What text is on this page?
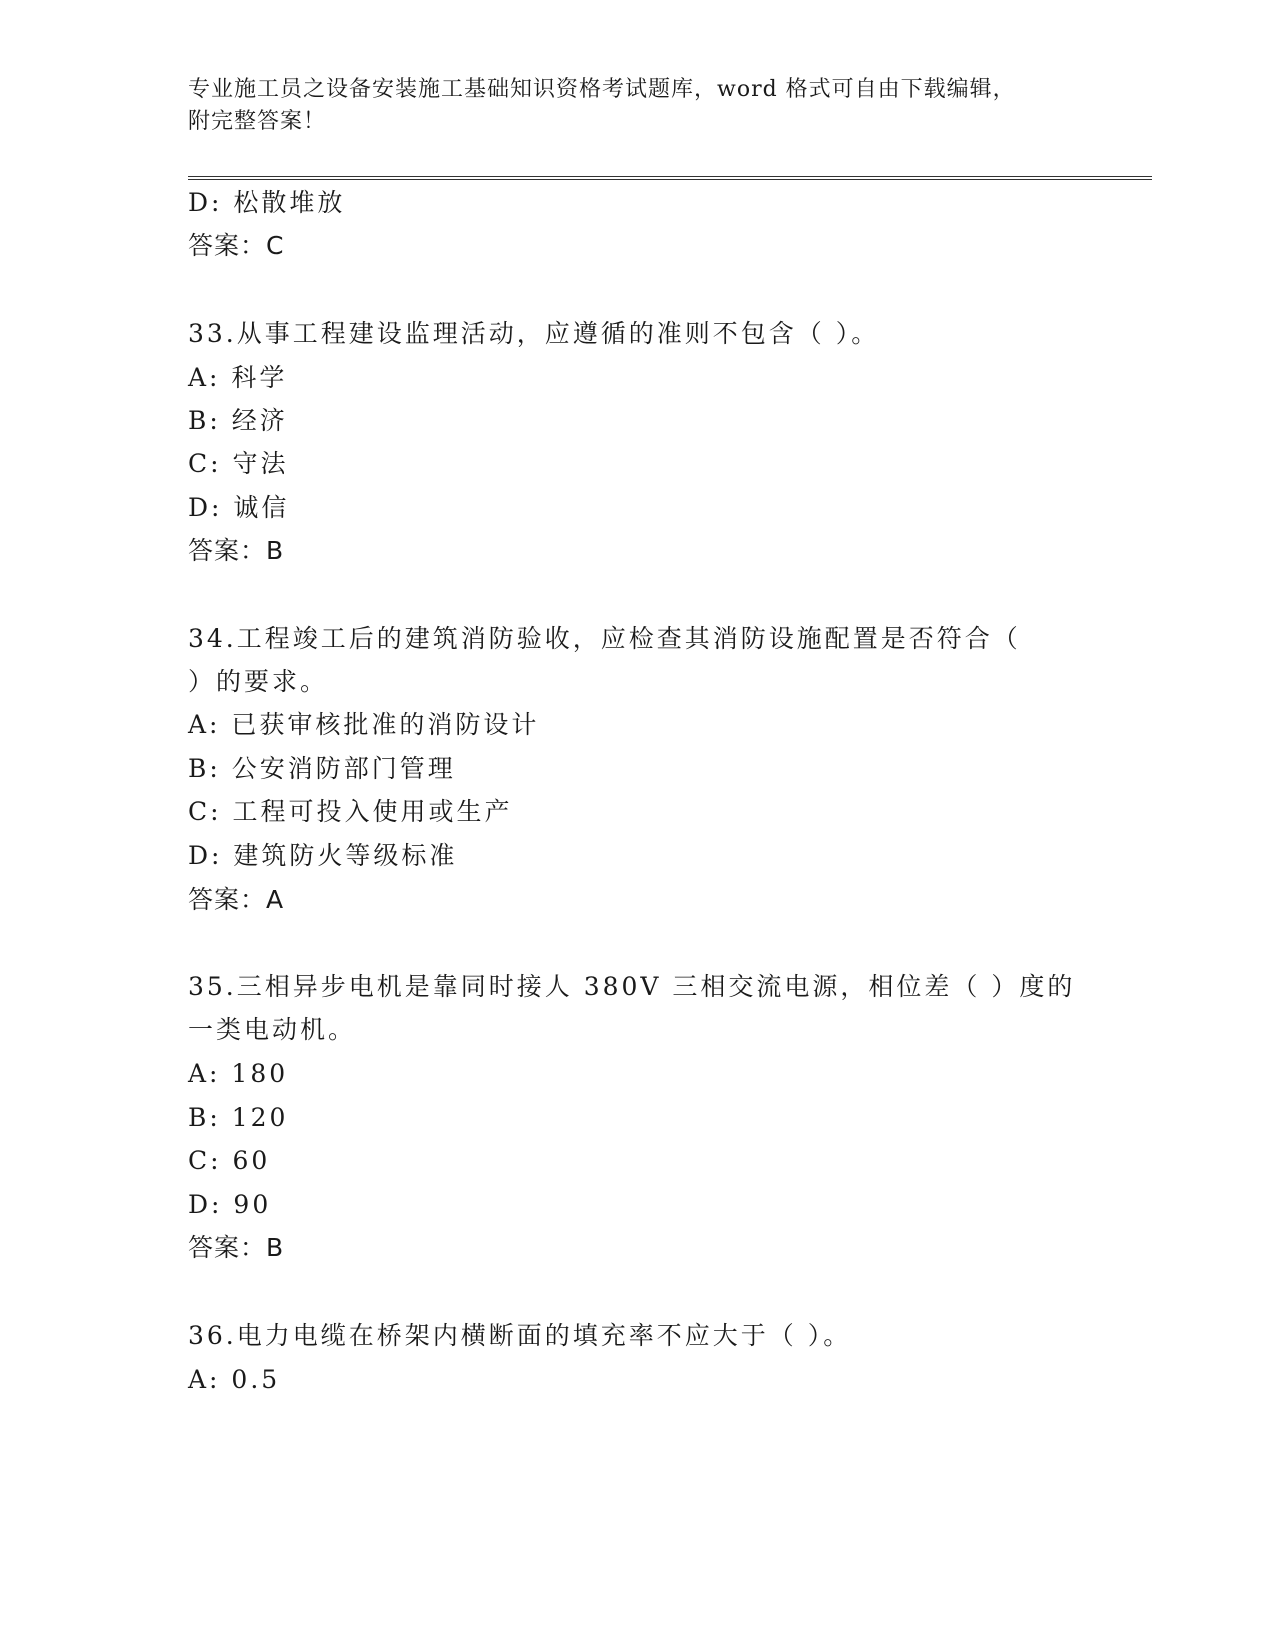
专业施工员之设备安装施工基础知识资格考试题库，word 格式可自由下载编辑，
附完整答案！
D: 松散堆放
答案：C
33.从事工程建设监理活动，应遵循的准则不包含（ ）。
A: 科学
B: 经济
C: 守法
D: 诚信
答案：B
34.工程竣工后的建筑消防验收，应检查其消防设施配置是否符合（
）的要求。
A: 已获审核批准的消防设计
B: 公安消防部门管理
C: 工程可投入使用或生产
D: 建筑防火等级标准
答案：A
35.三相异步电机是靠同时接人 380V 三相交流电源，相位差（ ）度的
一类电动机。
A: 180
B: 120
C: 60
D: 90
答案：B
36.电力电缆在桥架内横断面的填充率不应大于（ ）。
A: 0.5
